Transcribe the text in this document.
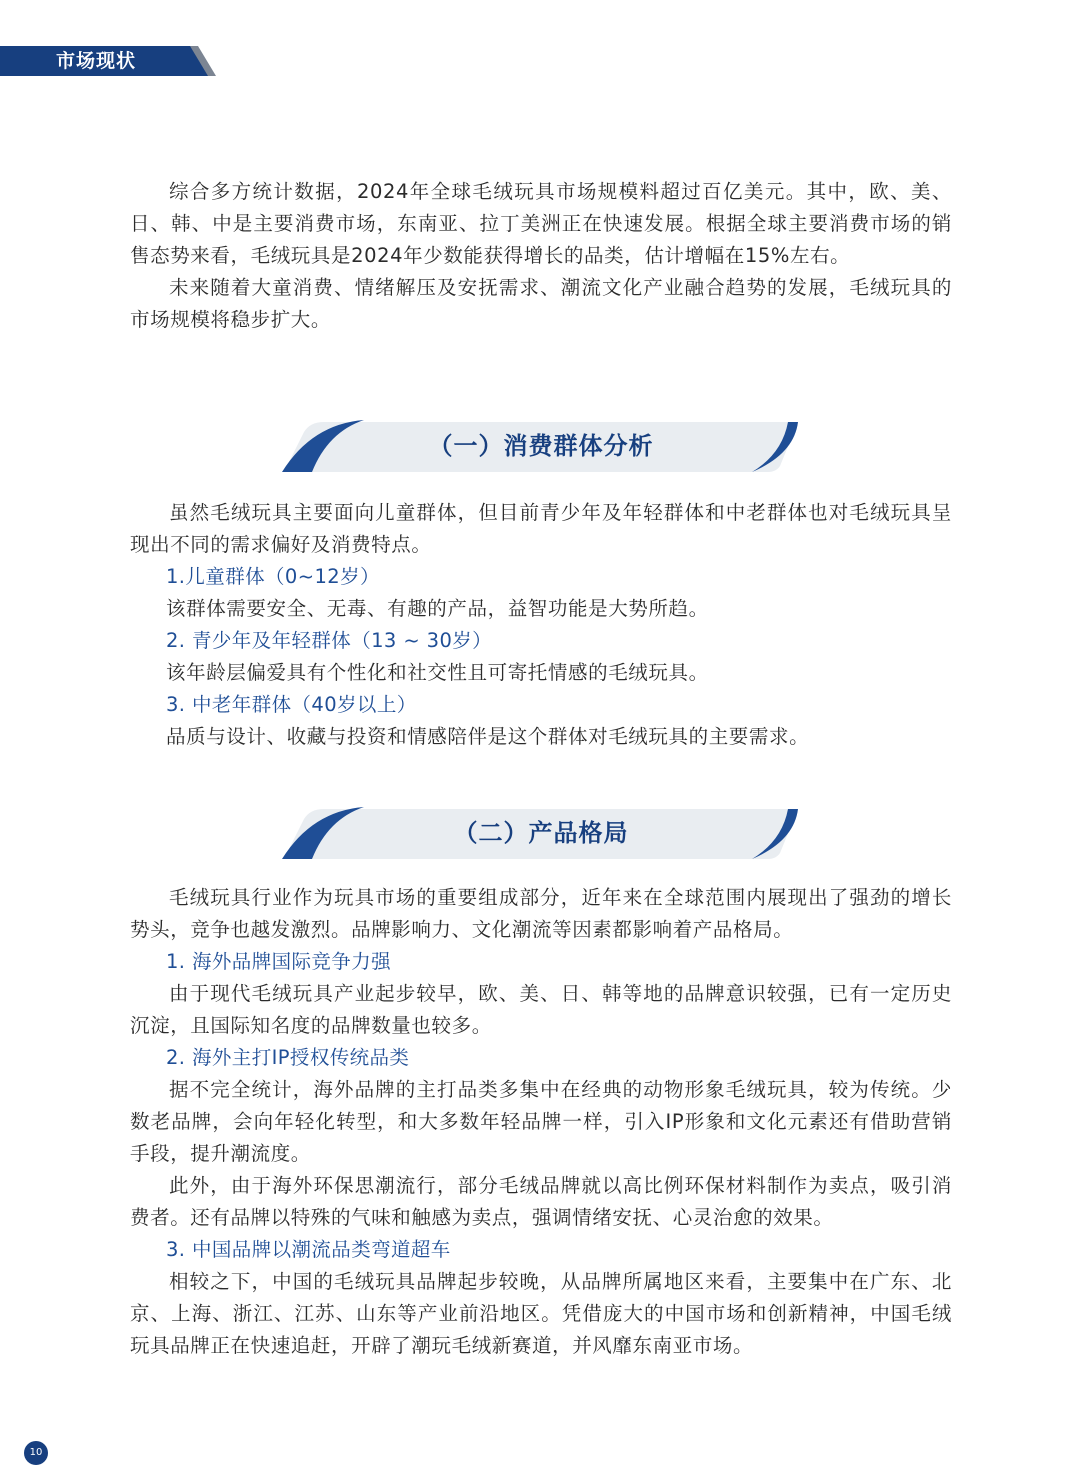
市场现状

综合多方统计数据，2024年全球毛绒玩具市场规模料超过百亿美元。其中，欧、美、日、韩、中是主要消费市场，东南亚、拉丁美洲正在快速发展。根据全球主要消费市场的销售态势来看，毛绒玩具是2024年少数能获得增长的品类，估计增幅在15%左右。

未来随着大童消费、情绪解压及安抚需求、潮流文化产业融合趋势的发展，毛绒玩具的市场规模将稳步扩大。

（一）消费群体分析

虽然毛绒玩具主要面向儿童群体，但目前青少年及年轻群体和中老群体也对毛绒玩具呈现出不同的需求偏好及消费特点。

1.儿童群体（0~12岁）

该群体需要安全、无毒、有趣的产品，益智功能是大势所趋。

2. 青少年及年轻群体（13 ~ 30岁）

该年龄层偏爱具有个性化和社交性且可寄托情感的毛绒玩具。

3. 中老年群体（40岁以上）

品质与设计、收藏与投资和情感陪伴是这个群体对毛绒玩具的主要需求。

（二）产品格局

毛绒玩具行业作为玩具市场的重要组成部分，近年来在全球范围内展现出了强劲的增长势头，竞争也越发激烈。品牌影响力、文化潮流等因素都影响着产品格局。

1. 海外品牌国际竞争力强

由于现代毛绒玩具产业起步较早，欧、美、日、韩等地的品牌意识较强，已有一定历史沉淀，且国际知名度的品牌数量也较多。

2. 海外主打IP授权传统品类

据不完全统计，海外品牌的主打品类多集中在经典的动物形象毛绒玩具，较为传统。少数老品牌，会向年轻化转型，和大多数年轻品牌一样，引入IP形象和文化元素还有借助营销手段，提升潮流度。

此外，由于海外环保思潮流行，部分毛绒品牌就以高比例环保材料制作为卖点，吸引消费者。还有品牌以特殊的气味和触感为卖点，强调情绪安抚、心灵治愈的效果。

3. 中国品牌以潮流品类弯道超车

相较之下，中国的毛绒玩具品牌起步较晚，从品牌所属地区来看，主要集中在广东、北京、上海、浙江、江苏、山东等产业前沿地区。凭借庞大的中国市场和创新精神，中国毛绒玩具品牌正在快速追赶，开辟了潮玩毛绒新赛道，并风靡东南亚市场。

10
